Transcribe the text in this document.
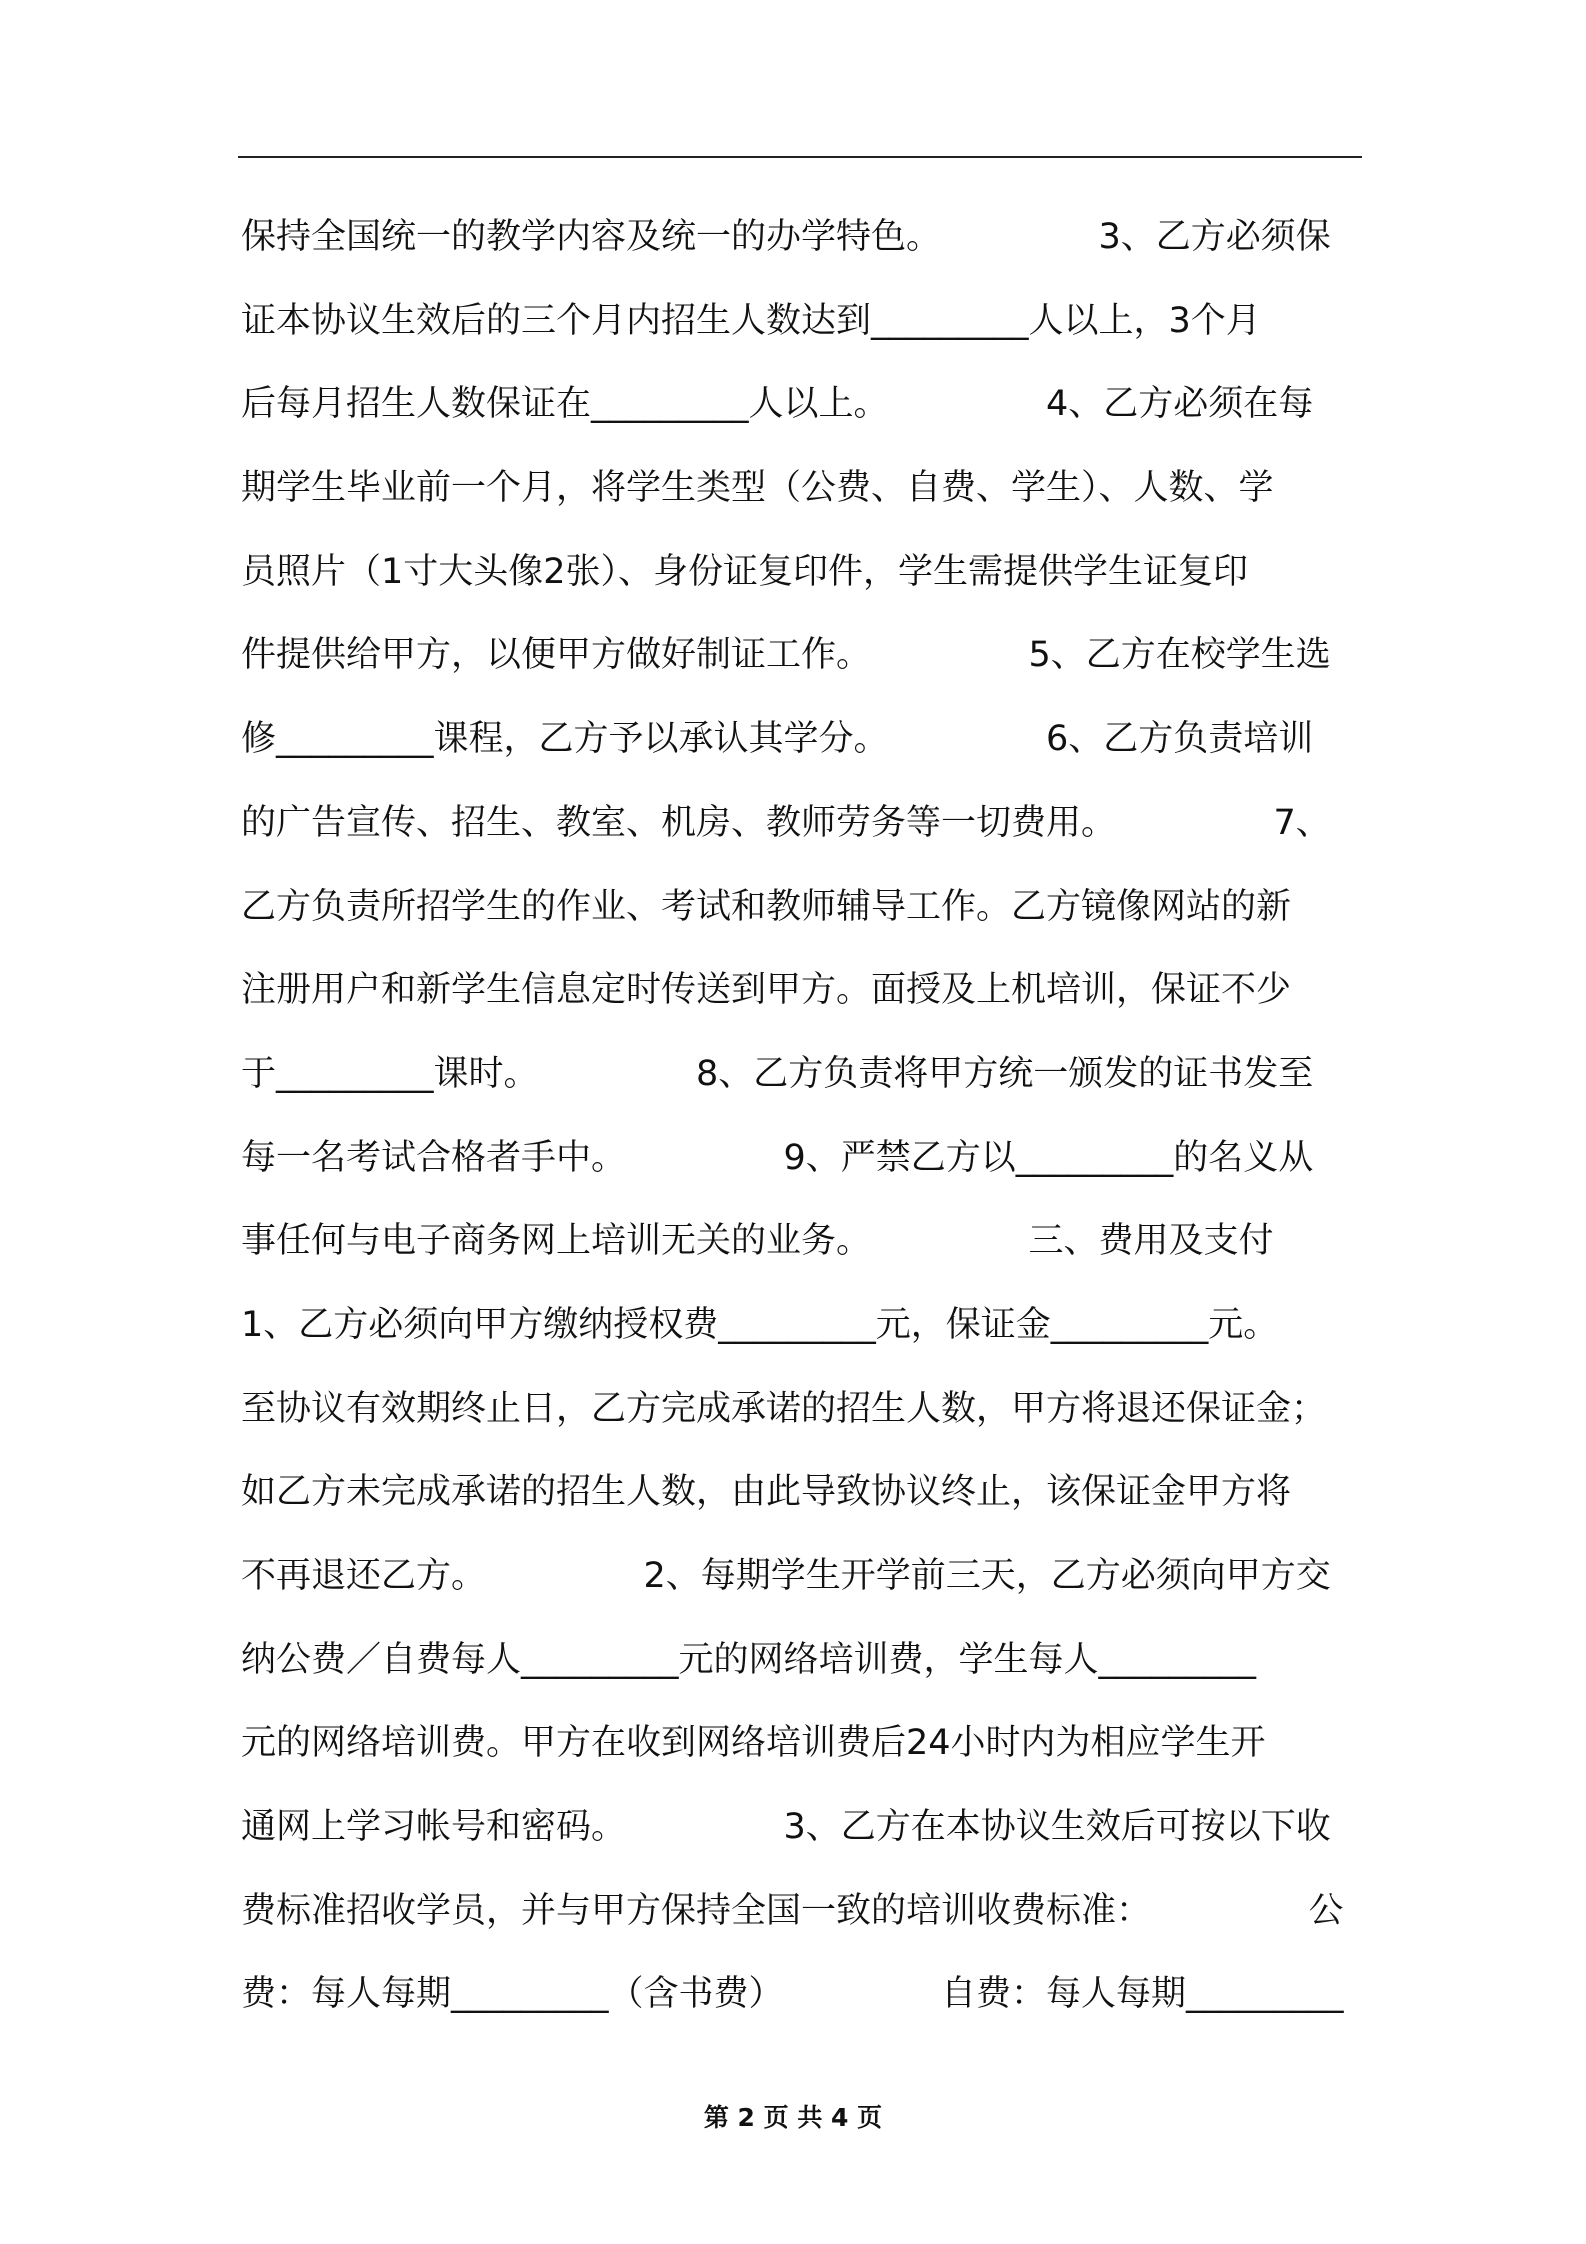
保持全国统一的教学内容及统一的办学特色。　　　　　3、乙方必须保
证本协议生效后的三个月内招生人数达到_________人以上，3个月
后每月招生人数保证在_________人以上。　　　　　4、乙方必须在每
期学生毕业前一个月，将学生类型（公费、自费、学生）、人数、学
员照片（1寸大头像2张）、身份证复印件，学生需提供学生证复印
件提供给甲方，以便甲方做好制证工作。　　　　　5、乙方在校学生选
修_________课程，乙方予以承认其学分。　　　　　6、乙方负责培训
的广告宣传、招生、教室、机房、教师劳务等一切费用。　　　　　7、
乙方负责所招学生的作业、考试和教师辅导工作。乙方镜像网站的新
注册用户和新学生信息定时传送到甲方。面授及上机培训，保证不少
于_________课时。　　　　　8、乙方负责将甲方统一颁发的证书发至
每一名考试合格者手中。　　　　　9、严禁乙方以_________的名义从
事任何与电子商务网上培训无关的业务。　　　　　三、费用及支付
1、乙方必须向甲方缴纳授权费_________元，保证金_________元。
至协议有效期终止日，乙方完成承诺的招生人数，甲方将退还保证金；
如乙方未完成承诺的招生人数，由此导致协议终止，该保证金甲方将
不再退还乙方。　　　　　2、每期学生开学前三天，乙方必须向甲方交
纳公费／自费每人_________元的网络培训费，学生每人_________
元的网络培训费。甲方在收到网络培训费后24小时内为相应学生开
通网上学习帐号和密码。　　　　　3、乙方在本协议生效后可按以下收
费标准招收学员，并与甲方保持全国一致的培训收费标准：　　　　　公
费：每人每期_________（含书费）　　　　　自费：每人每期_________
第 2 页 共 4 页
